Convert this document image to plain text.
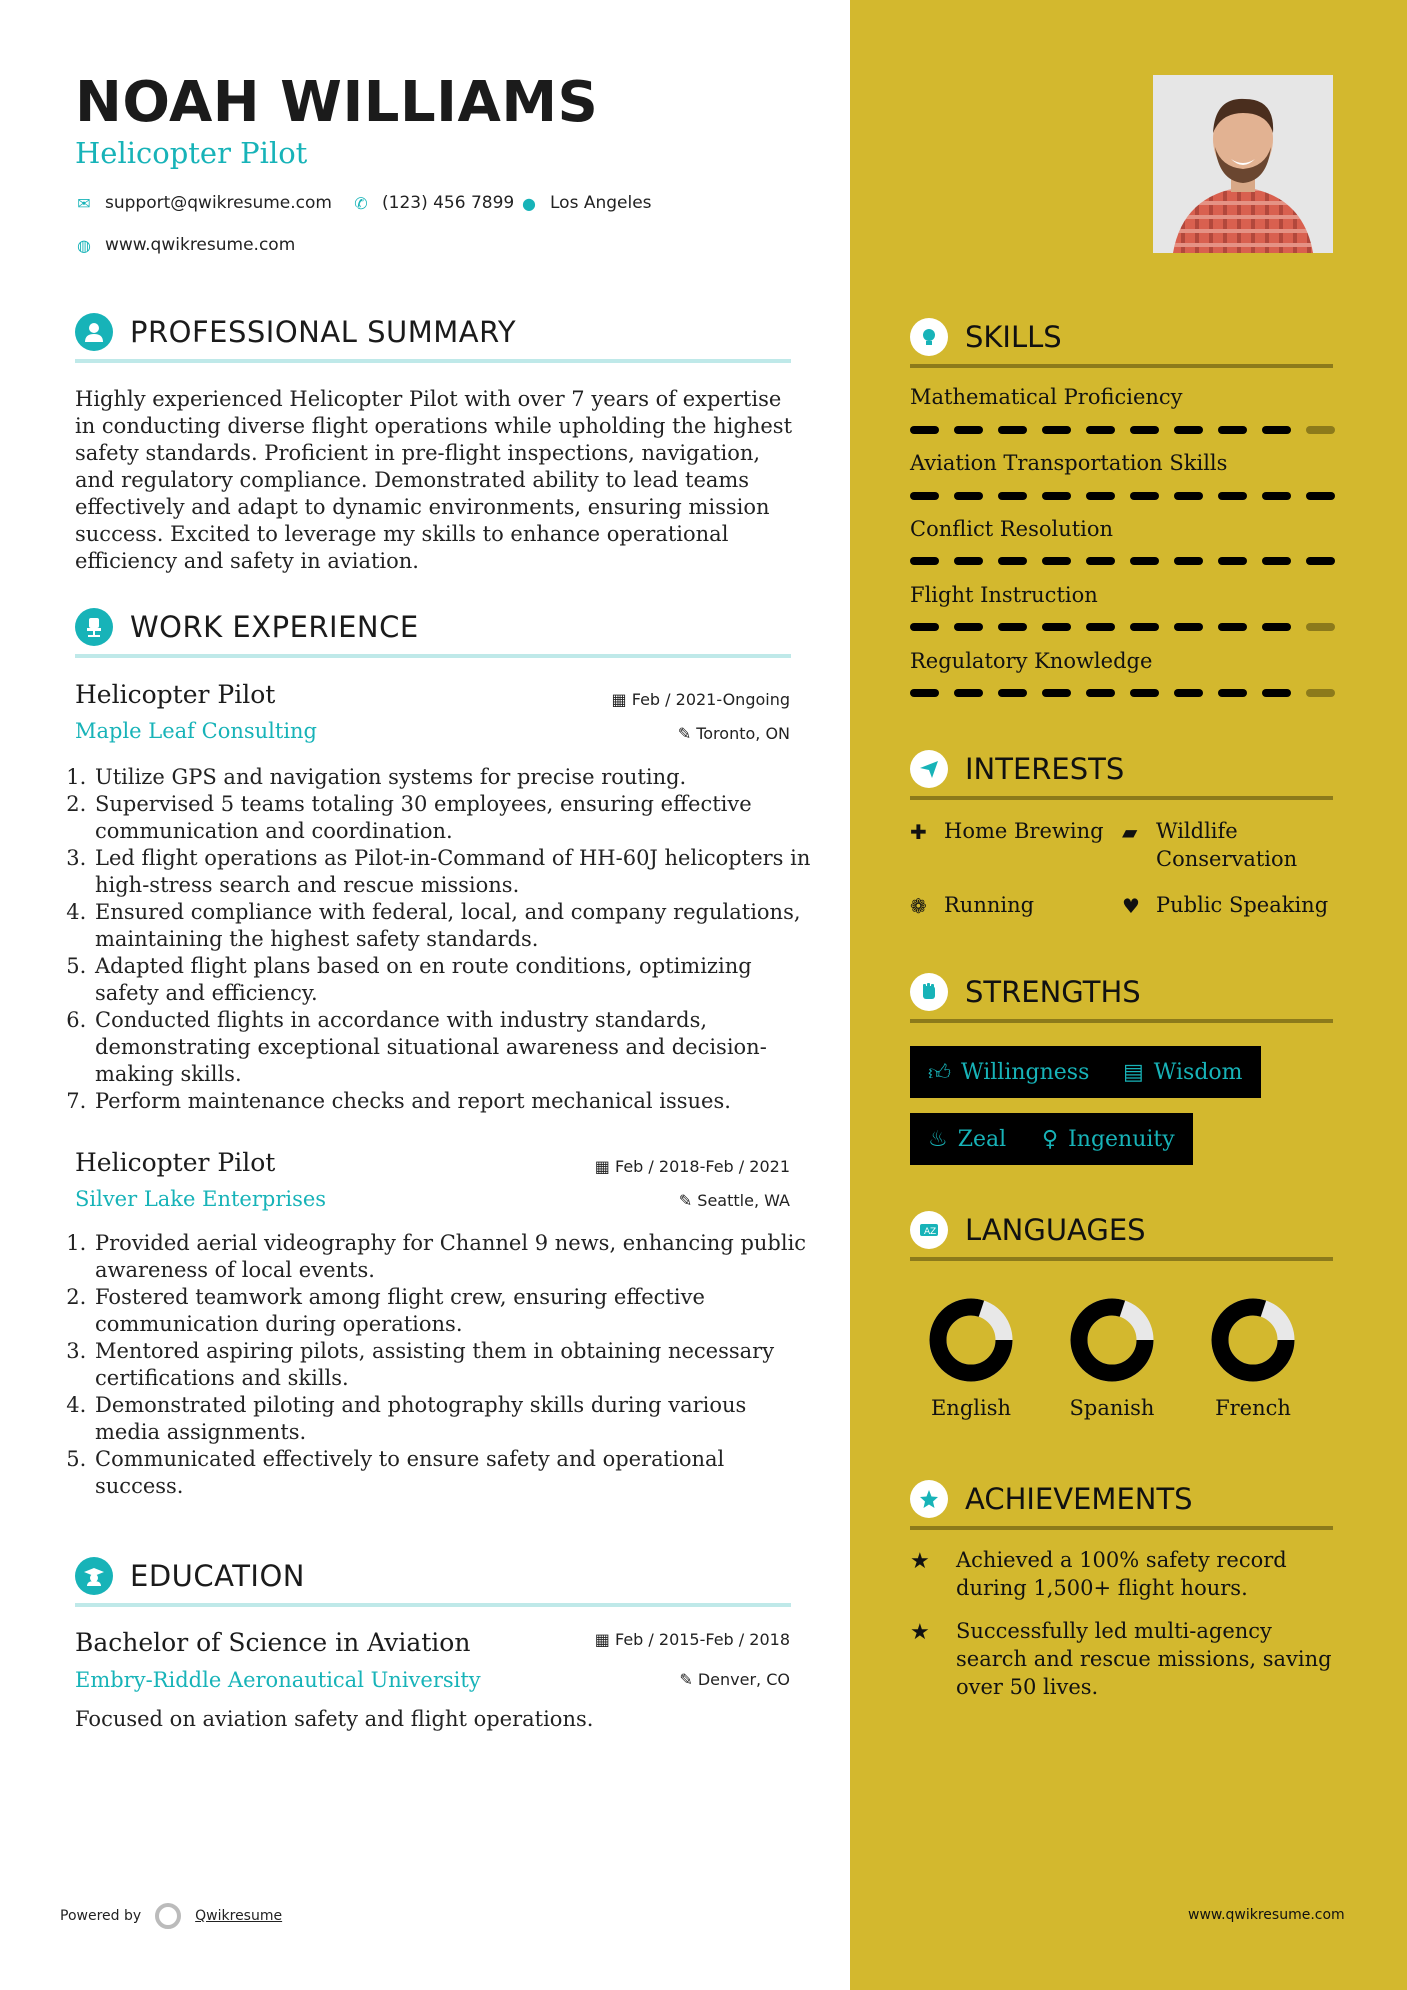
NOAH WILLIAMS
Helicopter Pilot
✉ support@qwikresume.com ✆ (123) 456 7899 ● Los Angeles
◍ www.qwikresume.com
PROFESSIONAL SUMMARY
Highly experienced Helicopter Pilot with over 7 years of expertise in conducting diverse flight operations while upholding the highest safety standards. Proficient in pre-flight inspections, navigation, and regulatory compliance. Demonstrated ability to lead teams effectively and adapt to dynamic environments, ensuring mission success. Excited to leverage my skills to enhance operational efficiency and safety in aviation.
WORK EXPERIENCE
Helicopter Pilot	▦ Feb / 2021-Ongoing
Maple Leaf Consulting	✎ Toronto, ON
1. Utilize GPS and navigation systems for precise routing.
2. Supervised 5 teams totaling 30 employees, ensuring effective communication and coordination.
3. Led flight operations as Pilot-in-Command of HH-60J helicopters in high-stress search and rescue missions.
4. Ensured compliance with federal, local, and company regulations, maintaining the highest safety standards.
5. Adapted flight plans based on en route conditions, optimizing safety and efficiency.
6. Conducted flights in accordance with industry standards, demonstrating exceptional situational awareness and decision-making skills.
7. Perform maintenance checks and report mechanical issues.
Helicopter Pilot	▦ Feb / 2018-Feb / 2021
Silver Lake Enterprises	✎ Seattle, WA
1. Provided aerial videography for Channel 9 news, enhancing public awareness of local events.
2. Fostered teamwork among flight crew, ensuring effective communication during operations.
3. Mentored aspiring pilots, assisting them in obtaining necessary certifications and skills.
4. Demonstrated piloting and photography skills during various media assignments.
5. Communicated effectively to ensure safety and operational success.
EDUCATION
Bachelor of Science in Aviation	▦ Feb / 2015-Feb / 2018
Embry-Riddle Aeronautical University	✎ Denver, CO
Focused on aviation safety and flight operations.
Powered by	Qwikresume
SKILLS
Mathematical Proficiency
Aviation Transportation Skills
Conflict Resolution
Flight Instruction
Regulatory Knowledge
INTERESTS
✚ Home Brewing ▰ Wildlife Conservation
❁ Running	♥ Public Speaking
STRENGTHS
👍︎ Willingness ▤ Wisdom
♨ Zeal ♀ Ingenuity
A Z LANGUAGES
English	Spanish	French
ACHIEVEMENTS
★ Achieved a 100% safety record during 1,500+ flight hours.
★ Successfully led multi-agency search and rescue missions, saving over 50 lives.
www.qwikresume.com
